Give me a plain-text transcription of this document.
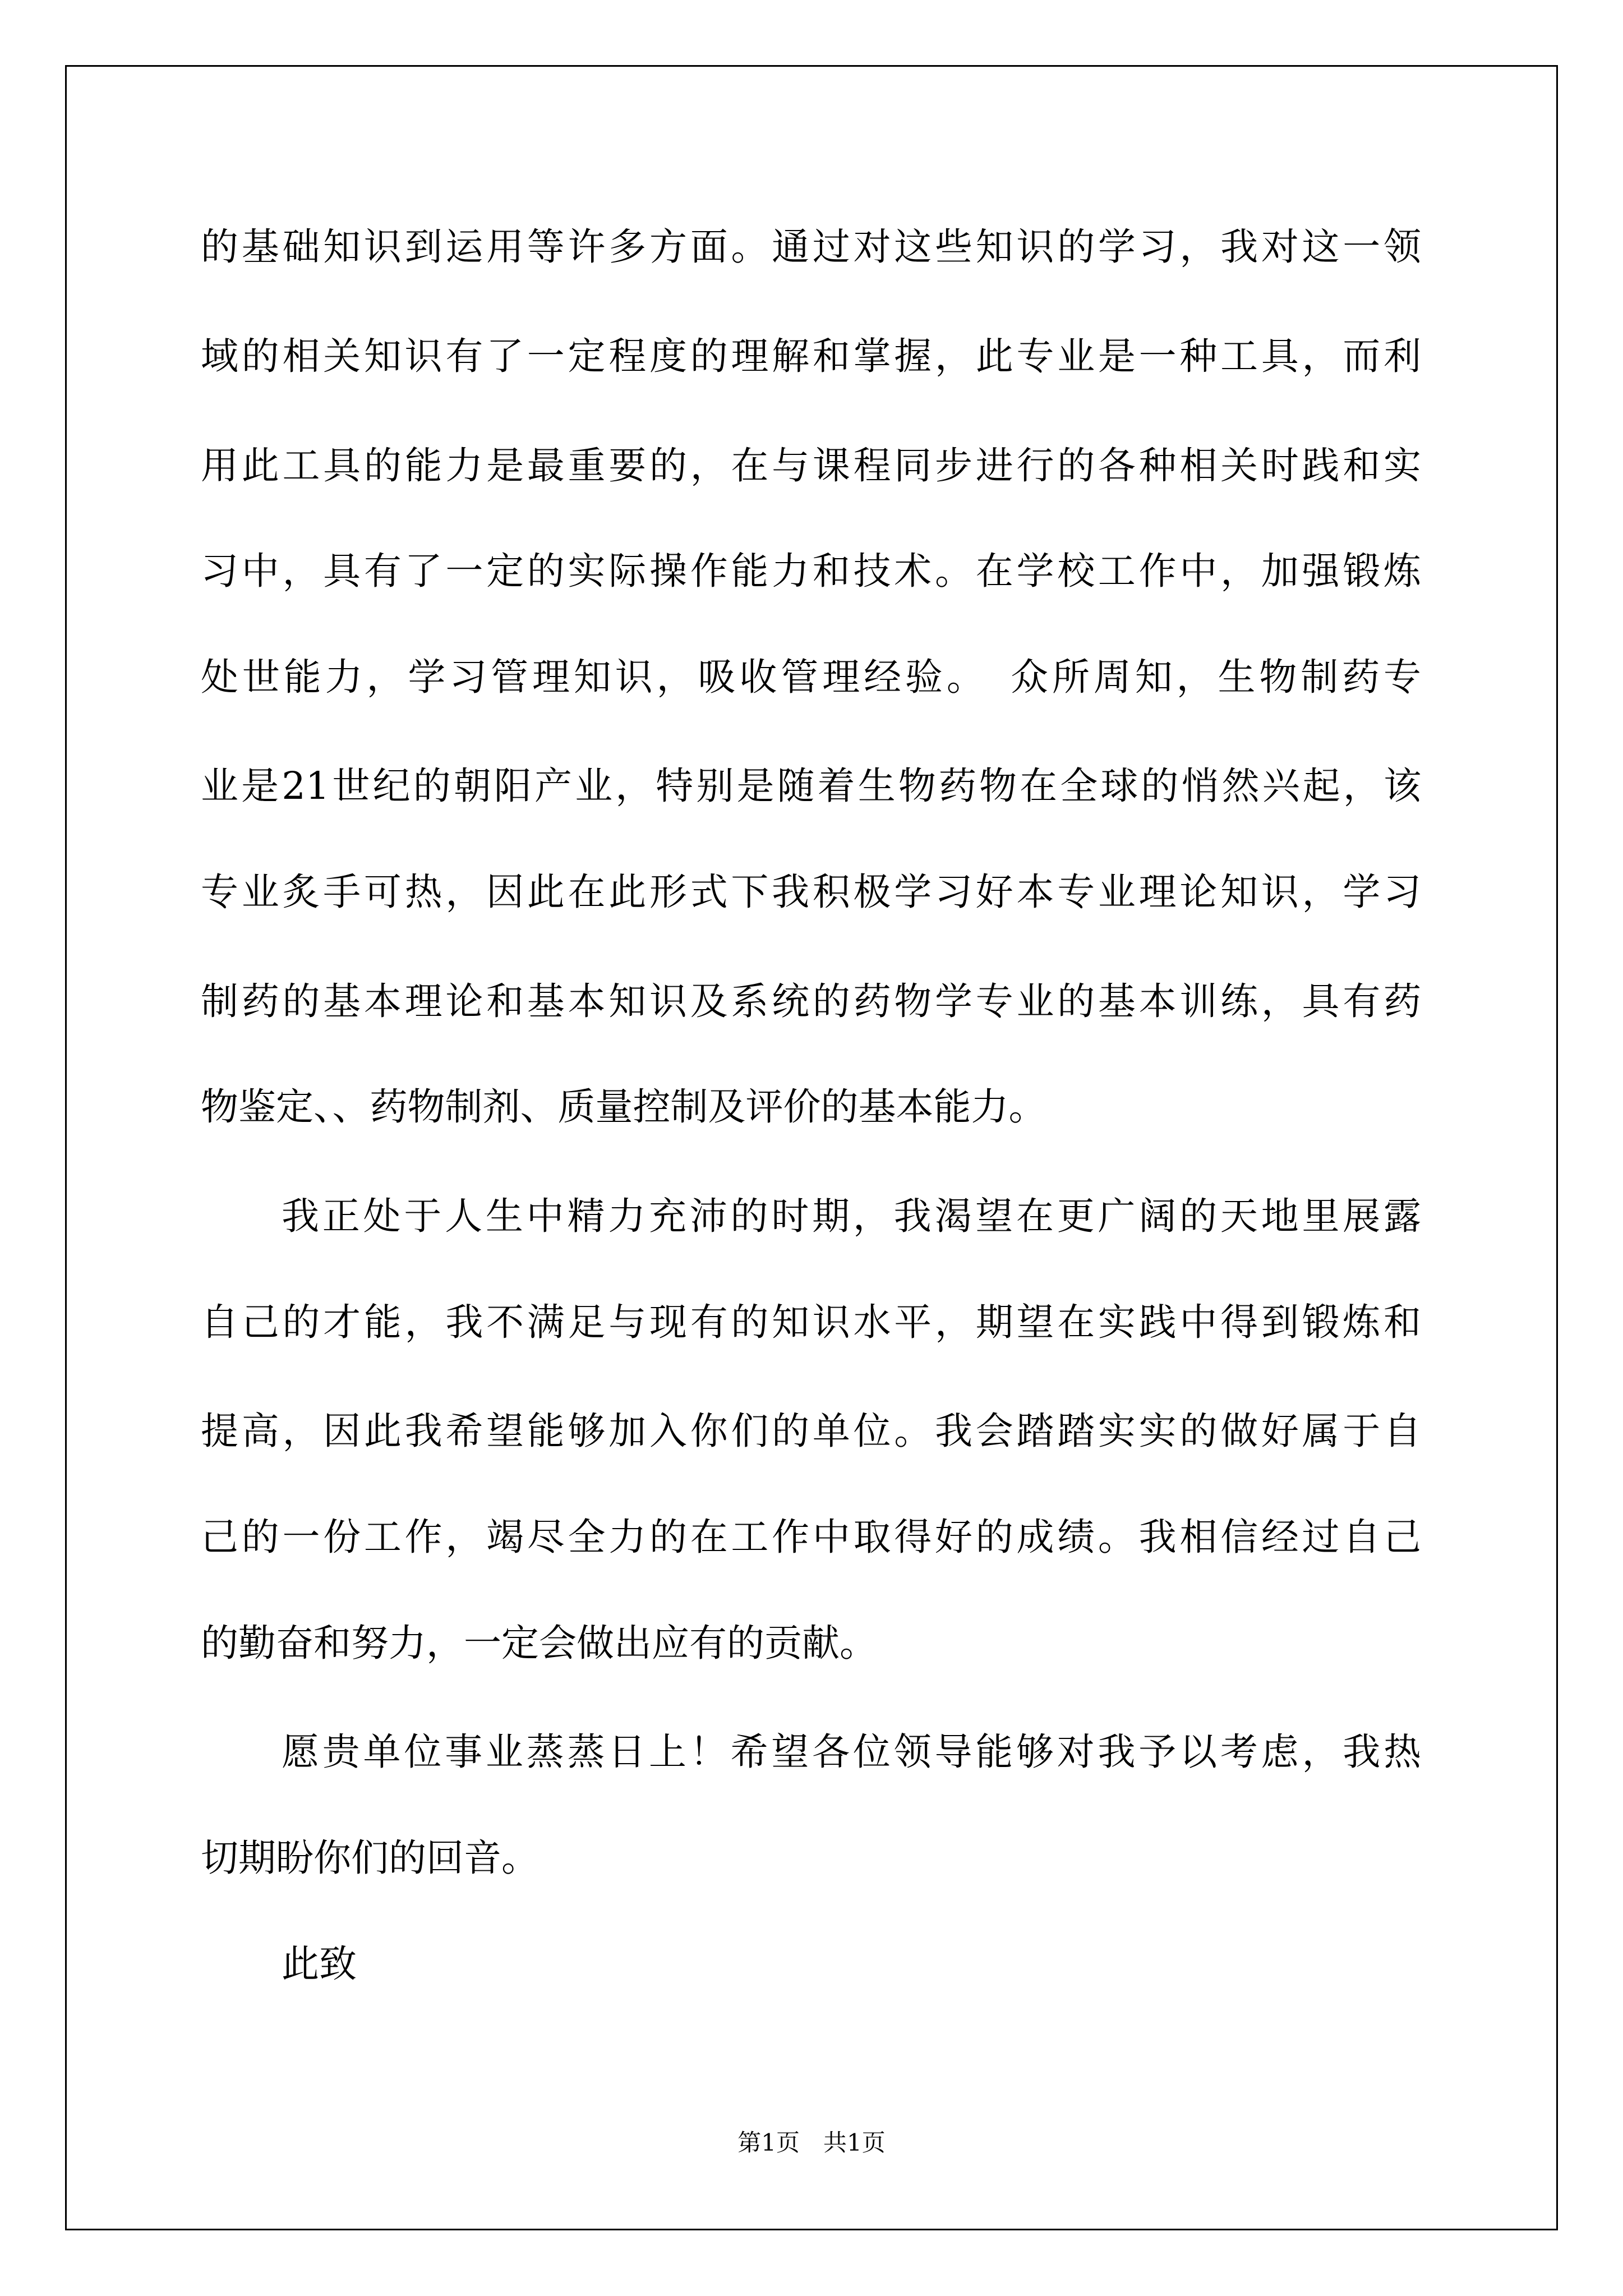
的基础知识到运用等许多方面。通过对这些知识的学习，我对这一领
域的相关知识有了一定程度的理解和掌握，此专业是一种工具，而利
用此工具的能力是最重要的，在与课程同步进行的各种相关时践和实
习中，具有了一定的实际操作能力和技术。在学校工作中，加强锻炼
处世能力，学习管理知识，吸收管理经验。　众所周知，生物制药专
业是21世纪的朝阳产业，特别是随着生物药物在全球的悄然兴起，该
专业炙手可热，因此在此形式下我积极学习好本专业理论知识，学习
制药的基本理论和基本知识及系统的药物学专业的基本训练，具有药
物鉴定、、药物制剂、质量控制及评价的基本能力。
我正处于人生中精力充沛的时期，我渴望在更广阔的天地里展露
自己的才能，我不满足与现有的知识水平，期望在实践中得到锻炼和
提高，因此我希望能够加入你们的单位。我会踏踏实实的做好属于自
己的一份工作，竭尽全力的在工作中取得好的成绩。我相信经过自己
的勤奋和努力，一定会做出应有的贡献。
愿贵单位事业蒸蒸日上！希望各位领导能够对我予以考虑，我热
切期盼你们的回音。
此致
第1页　共1页
